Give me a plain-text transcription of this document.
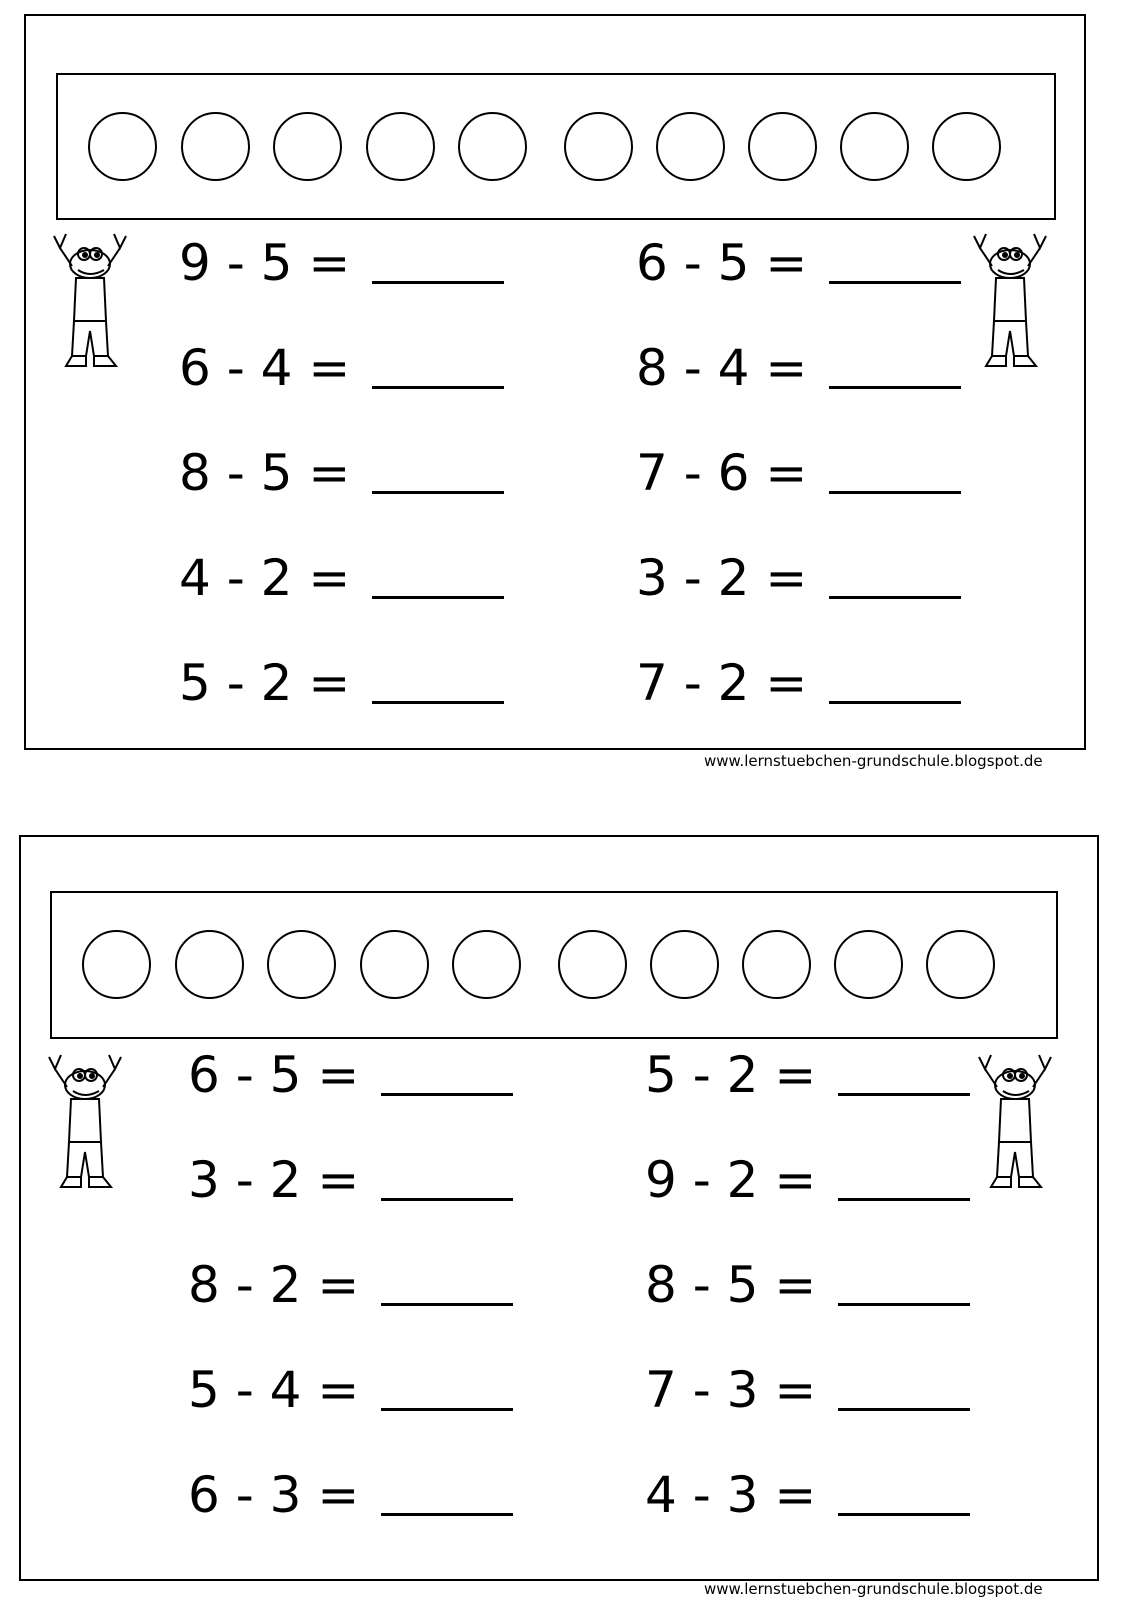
9 - 5 =
6 - 4 =
8 - 5 =
4 - 2 =
5 - 2 =
6 - 5 =
8 - 4 =
7 - 6 =
3 - 2 =
7 - 2 =
www.lernstuebchen-grundschule.blogspot.de
6 - 5 =
3 - 2 =
8 - 2 =
5 - 4 =
6 - 3 =
5 - 2 =
9 - 2 =
8 - 5 =
7 - 3 =
4 - 3 =
www.lernstuebchen-grundschule.blogspot.de
